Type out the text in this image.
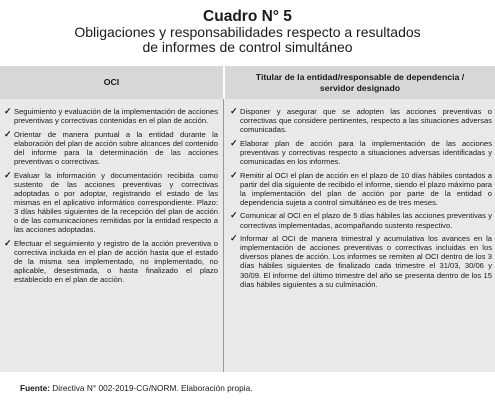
Cuadro N° 5
Obligaciones y responsabilidades respecto a resultados
de informes de control simultáneo
OCI
Titular de la entidad/responsable de dependencia /
servidor designado
✓ Seguimiento y evaluación de la implementación de acciones preventivas y correctivas contenidas en el plan de acción.
✓ Orientar de manera puntual a la entidad durante la elaboración del plan de acción sobre alcances del contenido del informe para la determinación de las acciones preventivas o correctivas.
✓ Evaluar la información y documentación recibida como sustento de las acciones preventivas y correctivas adoptadas o por adoptar, registrando el estado de las mismas en el aplicativo informático correspondiente. Plazo: 3 días hábiles siguientes de la recepción del plan de acción o de las comunicaciones remitidas por la entidad respecto a las acciones adoptadas.
✓ Efectuar el seguimiento y registro de la acción preventiva o correctiva incluida en el plan de acción hasta que el estado de la misma sea implementado, no implementado, no aplicable, desestimada, o hasta finalizado el plazo establecido en el plan de acción.
✓ Disponer y asegurar que se adopten las acciones preventivas o correctivas que considere pertinentes, respecto a las situaciones adversas comunicadas.
✓ Elaborar plan de acción para la implementación de las acciones preventivas y correctivas respecto a situaciones adversas identificadas y comunicadas en los informes.
✓ Remitir al OCI el plan de acción en el plazo de 10 días hábiles contados a partir del día siguiente de recibido el informe, siendo el plazo máximo para la implementación del plan de acción por parte de la entidad o dependencia sujeta a control simultáneo es de tres meses.
✓ Comunicar al OCI en el plazo de 5 días hábiles las acciones preventivas y correctivas implementadas, acompañando sustento respectivo.
✓ Informar al OCI de manera trimestral y acumulativa los avances en la implementación de acciones preventivas o correctivas incluidas en los diversos planes de acción. Los informes se remiten al OCI dentro de los 3 días hábiles siguientes de finalizado cada trimestre el 31/03, 30/06 y 30/09. El informe del último trimestre del año se presenta dentro de los 15 días hábiles siguientes a su culminación.
Fuente: Directiva N° 002-2019-CG/NORM. Elaboración propia.
